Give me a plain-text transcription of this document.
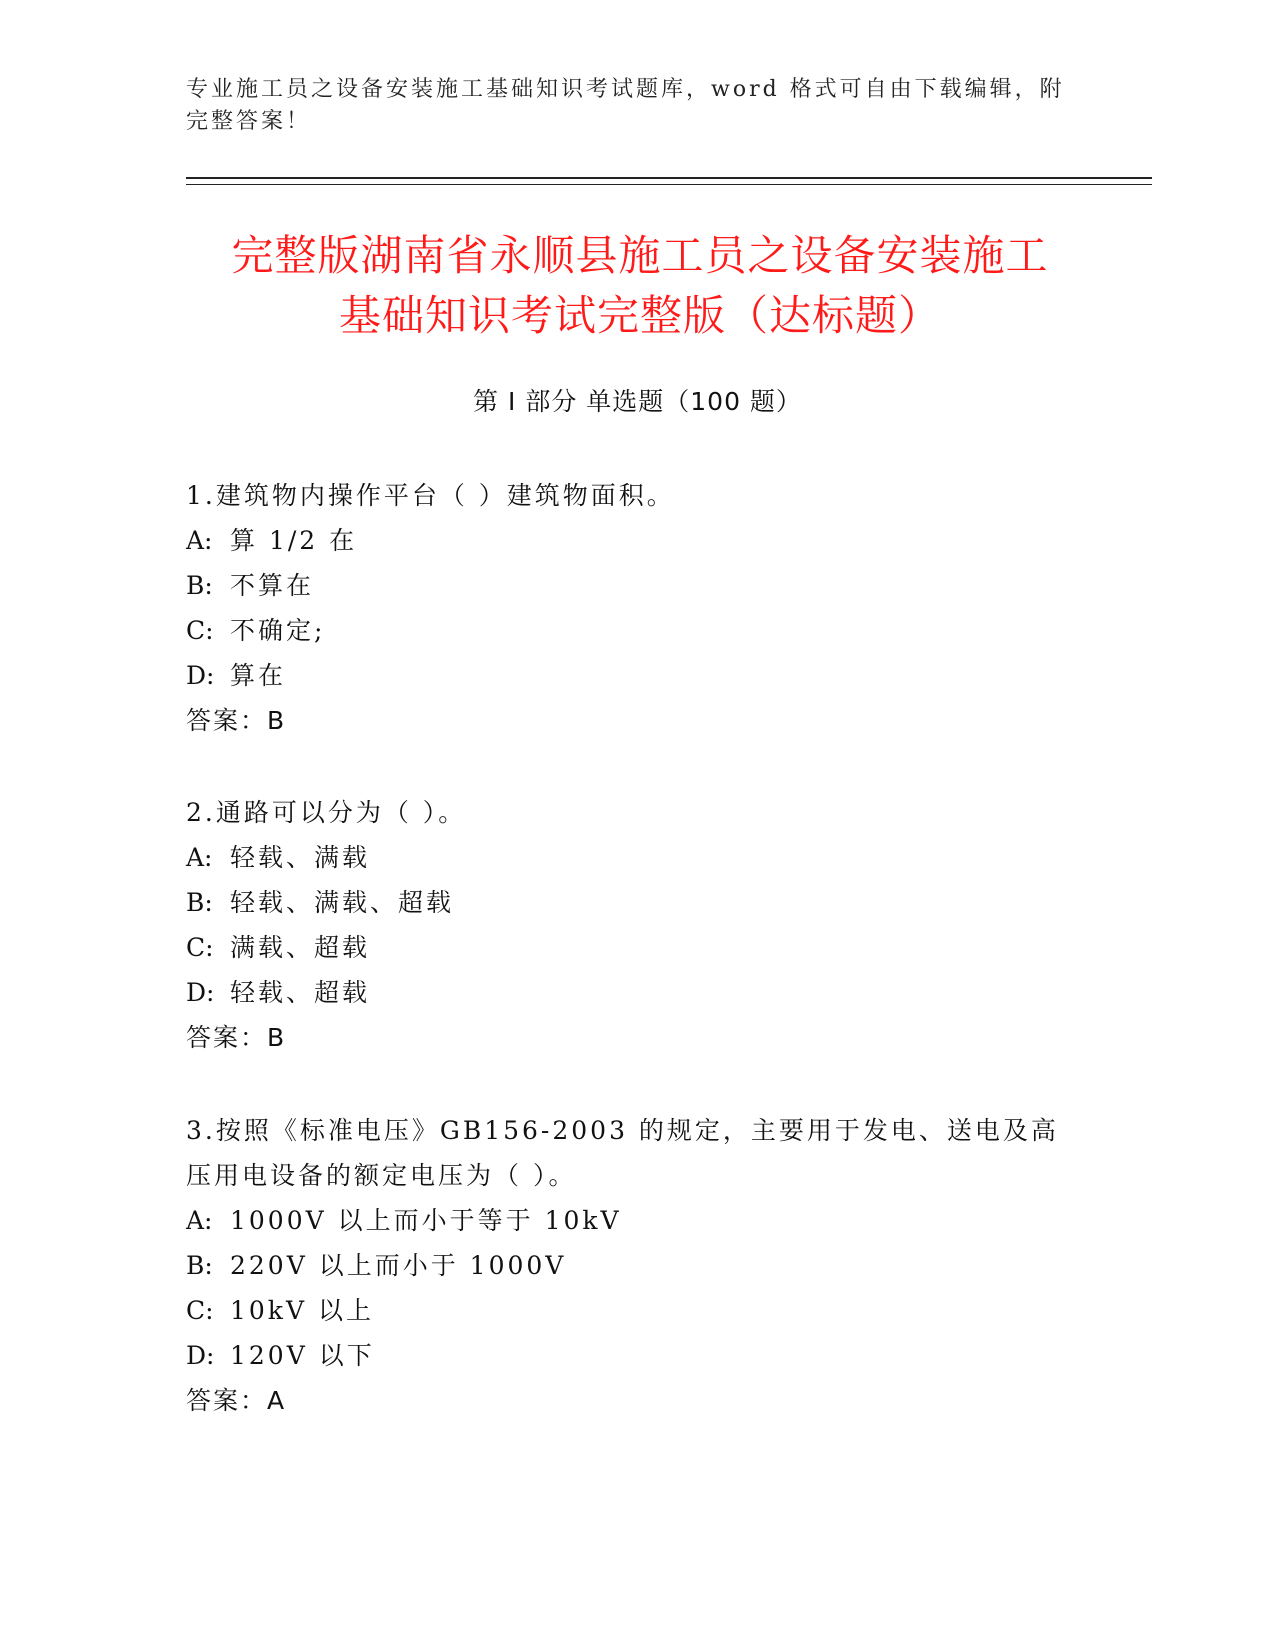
专业施工员之设备安装施工基础知识考试题库，word 格式可自由下载编辑，附完整答案！
完整版湖南省永顺县施工员之设备安装施工
基础知识考试完整版（达标题）
第 I 部分 单选题（100 题）

1.建筑物内操作平台（ ）建筑物面积。

A: 算 1/2 在

B: 不算在

C: 不确定;

D: 算在

答案：B

2.通路可以分为（ ）。

A: 轻载、满载

B: 轻载、满载、超载

C: 满载、超载

D: 轻载、超载

答案：B

3.按照《标准电压》GB156-2003 的规定，主要用于发电、送电及高压用电设备的额定电压为（ ）。

A: 1000V 以上而小于等于 10kV

B: 220V 以上而小于 1000V

C: 10kV 以上

D: 120V 以下

答案：A
